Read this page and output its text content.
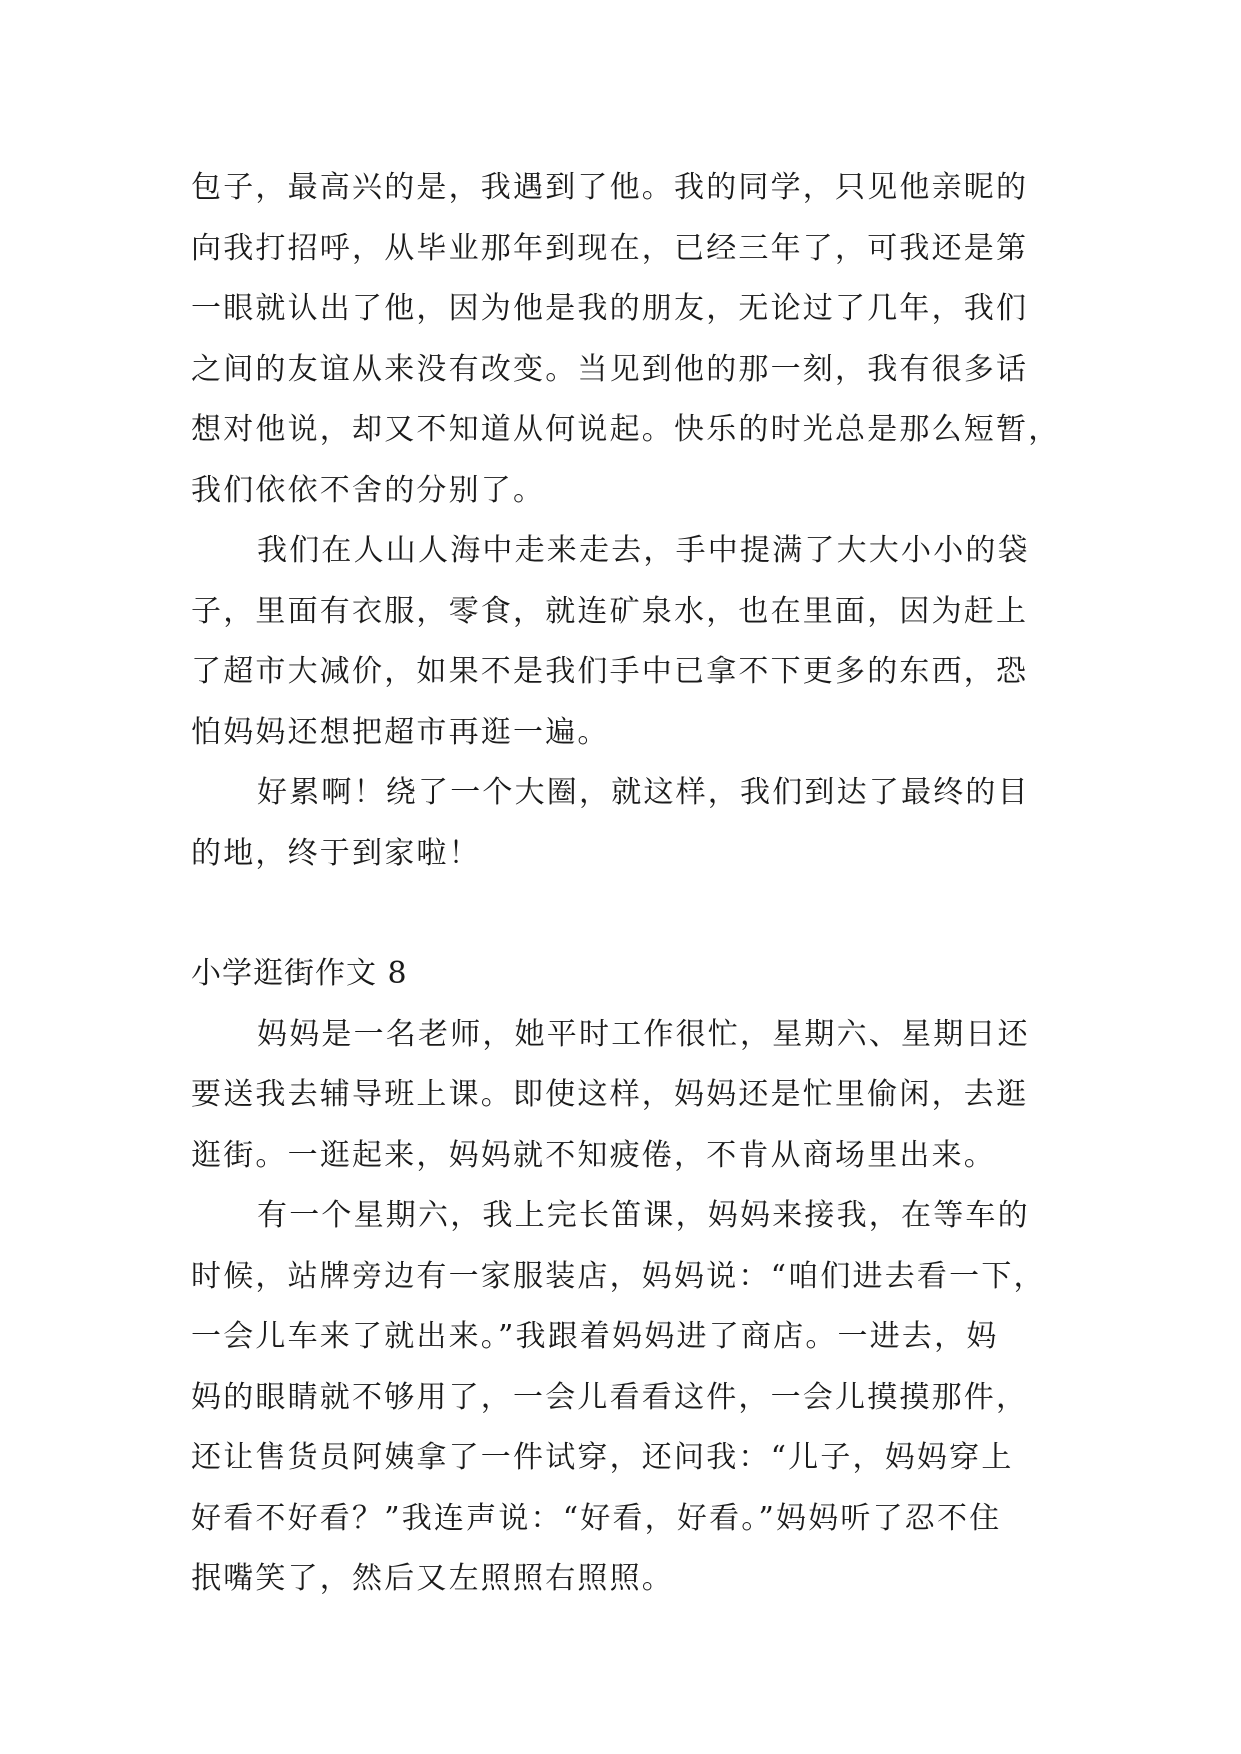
包子，最高兴的是，我遇到了他。我的同学，只见他亲昵的
向我打招呼，从毕业那年到现在，已经三年了，可我还是第
一眼就认出了他，因为他是我的朋友，无论过了几年，我们
之间的友谊从来没有改变。当见到他的那一刻，我有很多话
想对他说，却又不知道从何说起。快乐的时光总是那么短暂，
我们依依不舍的分别了。

我们在人山人海中走来走去，手中提满了大大小小的袋
子，里面有衣服，零食，就连矿泉水，也在里面，因为赶上
了超市大减价，如果不是我们手中已拿不下更多的东西，恐
怕妈妈还想把超市再逛一遍。

好累啊！绕了一个大圈，就这样，我们到达了最终的目
的地，终于到家啦！

小学逛街作文 8

妈妈是一名老师，她平时工作很忙，星期六、星期日还
要送我去辅导班上课。即使这样，妈妈还是忙里偷闲，去逛
逛街。一逛起来，妈妈就不知疲倦，不肯从商场里出来。

有一个星期六，我上完长笛课，妈妈来接我，在等车的
时候，站牌旁边有一家服装店，妈妈说：“咱们进去看一下，
一会儿车来了就出来。”我跟着妈妈进了商店。一进去，妈
妈的眼睛就不够用了，一会儿看看这件，一会儿摸摸那件，
还让售货员阿姨拿了一件试穿，还问我：“儿子，妈妈穿上
好看不好看？”我连声说：“好看，好看。”妈妈听了忍不住
抿嘴笑了，然后又左照照右照照。
